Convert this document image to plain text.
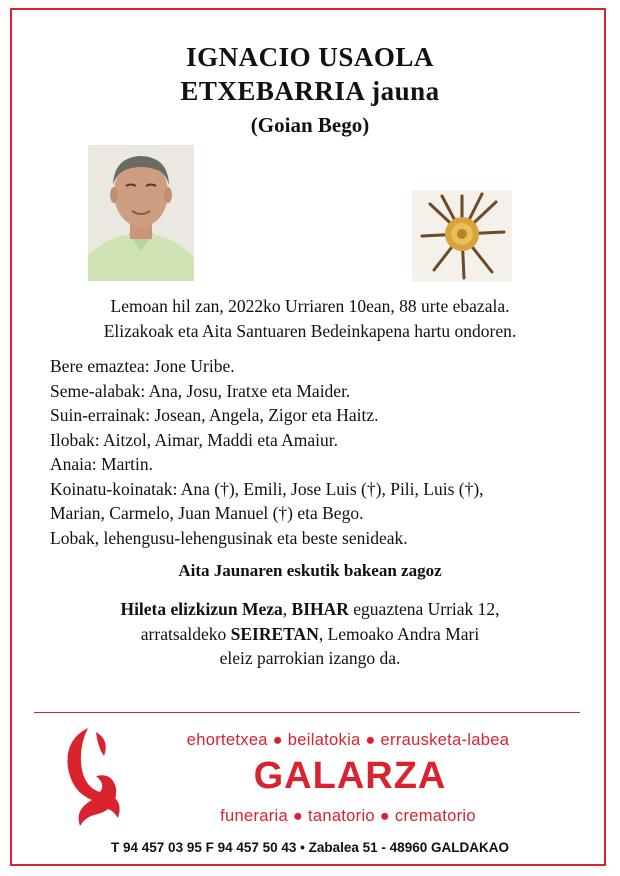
IGNACIO USAOLA
ETXEBARRIA jauna
(Goian Bego)
Lemoan hil zan, 2022ko Urriaren 10ean, 88 urte ebazala.
Elizakoak eta Aita Santuaren Bedeinkapena hartu ondoren.
Bere emaztea: Jone Uribe.
Seme-alabak: Ana, Josu, Iratxe eta Maider.
Suin-errainak: Josean, Angela, Zigor eta Haitz.
Ilobak: Aitzol, Aimar, Maddi eta Amaiur.
Anaia: Martin.
Koinatu-koinatak: Ana (†), Emili, Jose Luis (†), Pili, Luis (†),
Marian, Carmelo, Juan Manuel (†) eta Bego.
Lobak, lehengusu-lehengusinak eta beste senideak.
Aita Jaunaren eskutik bakean zagoz
Hileta elizkizun Meza, BIHAR eguaztena Urriak 12,
arratsaldeko SEIRETAN, Lemoako Andra Mari
eleiz parrokian izango da.
ehortetxea ● beilatokia ● errausketa-labea
GALARZA
funeraria ● tanatorio ● crematorio
T 94 457 03 95 F 94 457 50 43 • Zabalea 51 - 48960 GALDAKAO
